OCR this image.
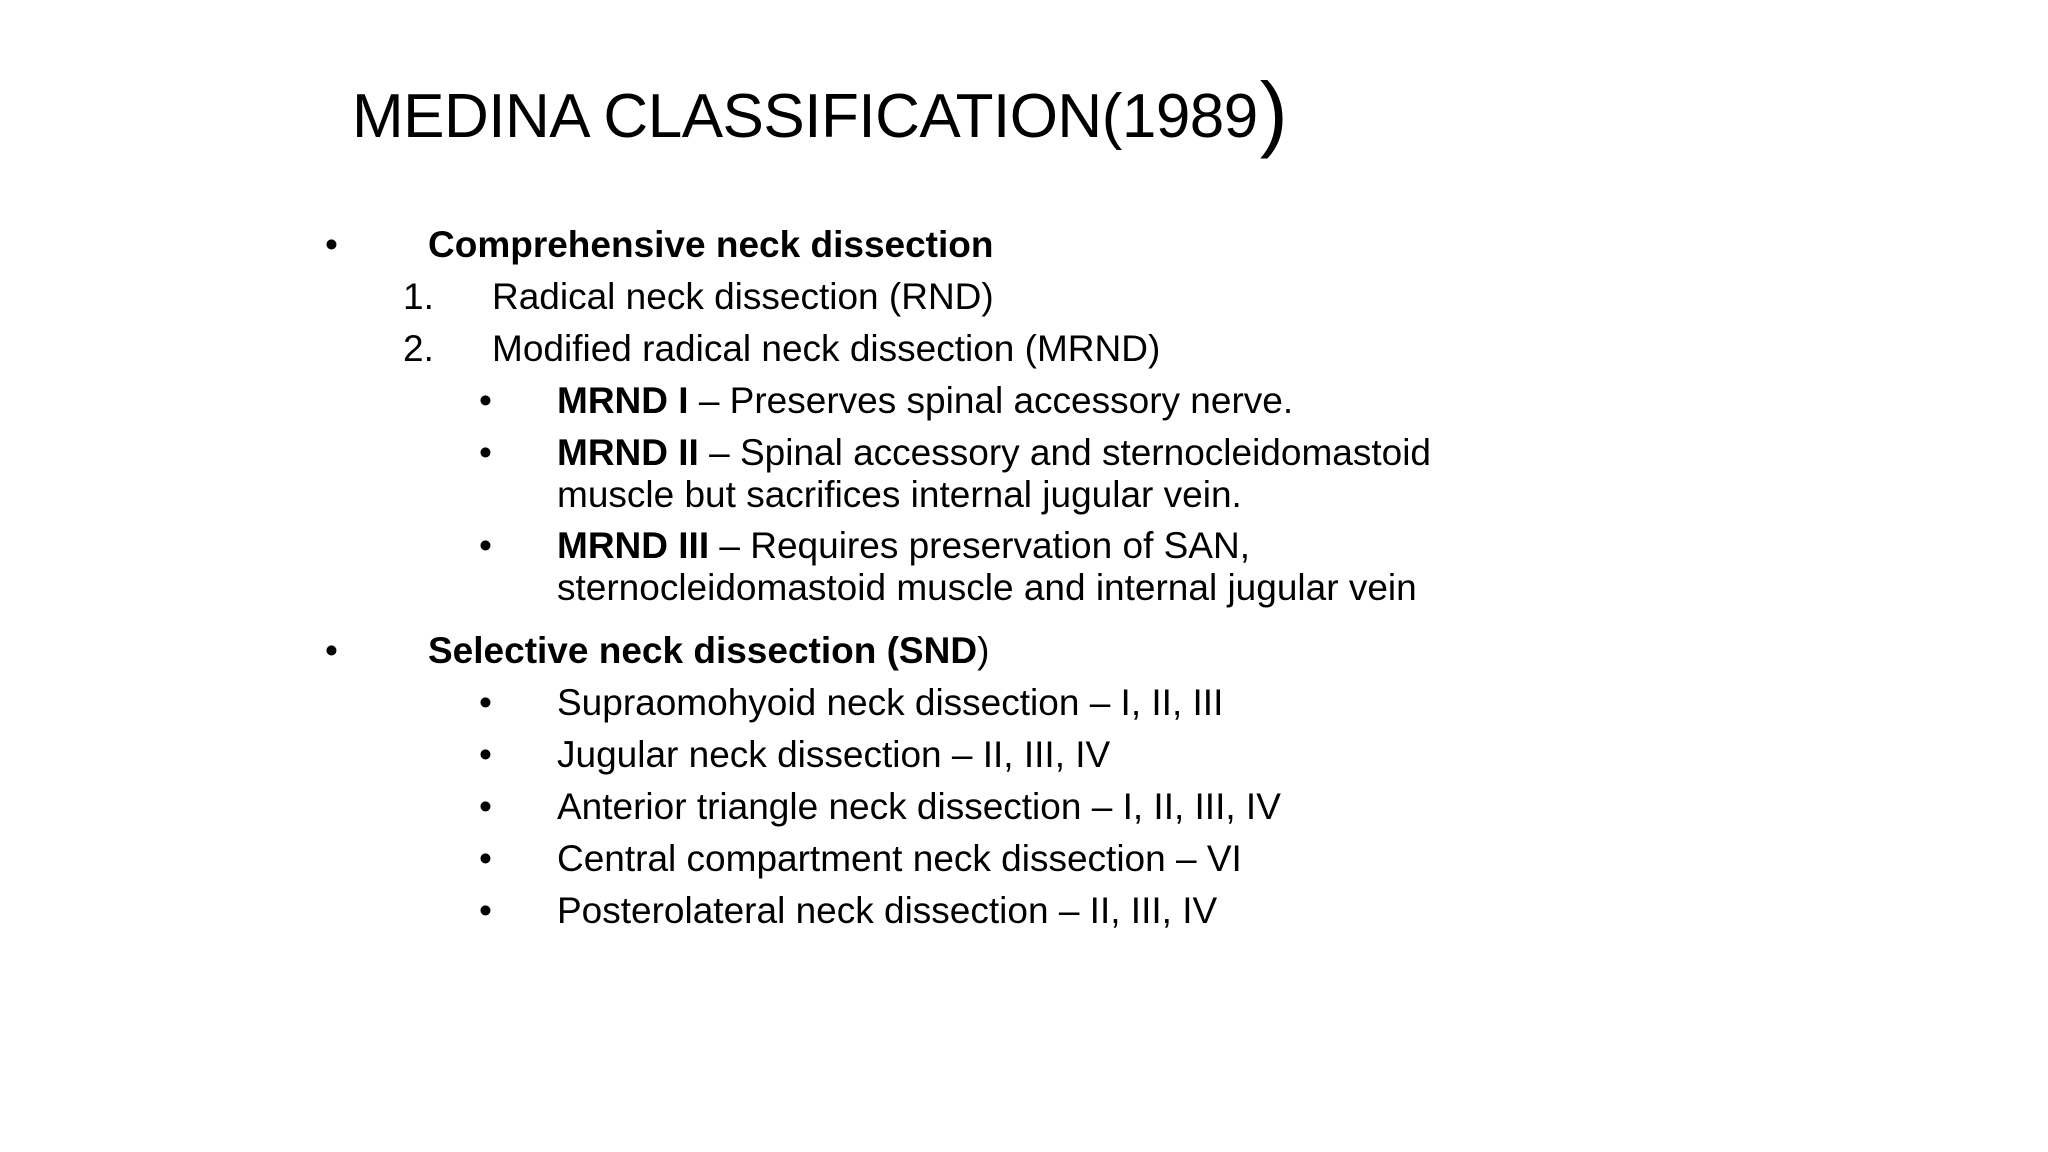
MEDINA CLASSIFICATION(1989)
• Comprehensive neck dissection
1. Radical neck dissection (RND)
2. Modified radical neck dissection (MRND)
• MRND I – Preserves spinal accessory nerve.
• MRND II – Spinal accessory and sternocleidomastoid
muscle but sacrifices internal jugular vein.
• MRND III – Requires preservation of SAN,
sternocleidomastoid muscle and internal jugular vein
• Selective neck dissection (SND)
• Supraomohyoid neck dissection – I, II, III
• Jugular neck dissection – II, III, IV
• Anterior triangle neck dissection – I, II, III, IV
• Central compartment neck dissection – VI
• Posterolateral neck dissection – II, III, IV
